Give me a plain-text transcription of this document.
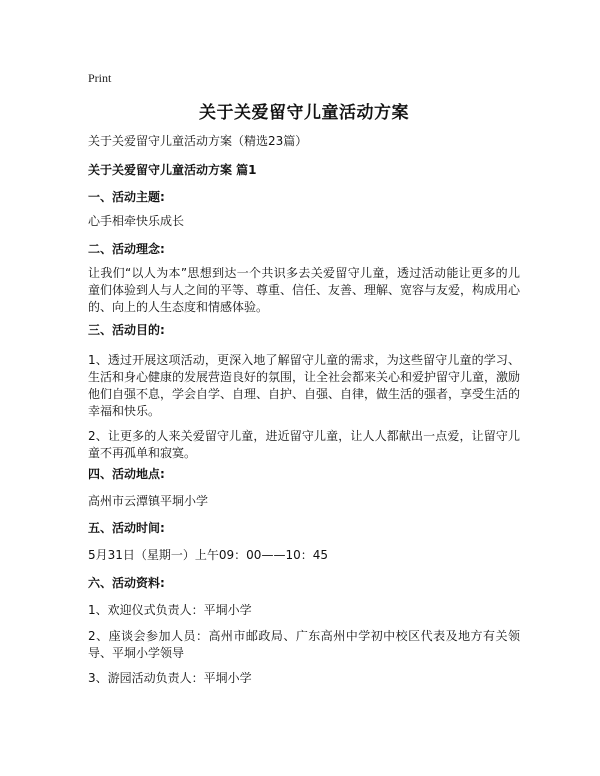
Print
关于关爱留守儿童活动方案

关于关爱留守儿童活动方案（精选23篇）

关于关爱留守儿童活动方案 篇1

一、活动主题:

心手相牵快乐成长

二、活动理念:

让我们“以人为本”思想到达一个共识多去关爱留守儿童，透过活动能让更多的儿童们体验到人与人之间的平等、尊重、信任、友善、理解、宽容与友爱，构成用心的、向上的人生态度和情感体验。

三、活动目的:

1、透过开展这项活动，更深入地了解留守儿童的需求，为这些留守儿童的学习、生活和身心健康的发展营造良好的氛围，让全社会都来关心和爱护留守儿童，激励他们自强不息，学会自学、自理、自护、自强、自律，做生活的强者，享受生活的幸福和快乐。

2、让更多的人来关爱留守儿童，进近留守儿童，让人人都献出一点爱，让留守儿童不再孤单和寂寞。

四、活动地点:

高州市云潭镇平垌小学

五、活动时间:

5月31日（星期一）上午09：00——10：45

六、活动资料:

1、欢迎仪式负责人：平垌小学

2、座谈会参加人员：高州市邮政局、广东高州中学初中校区代表及地方有关领导、平垌小学领导

3、游园活动负责人：平垌小学
